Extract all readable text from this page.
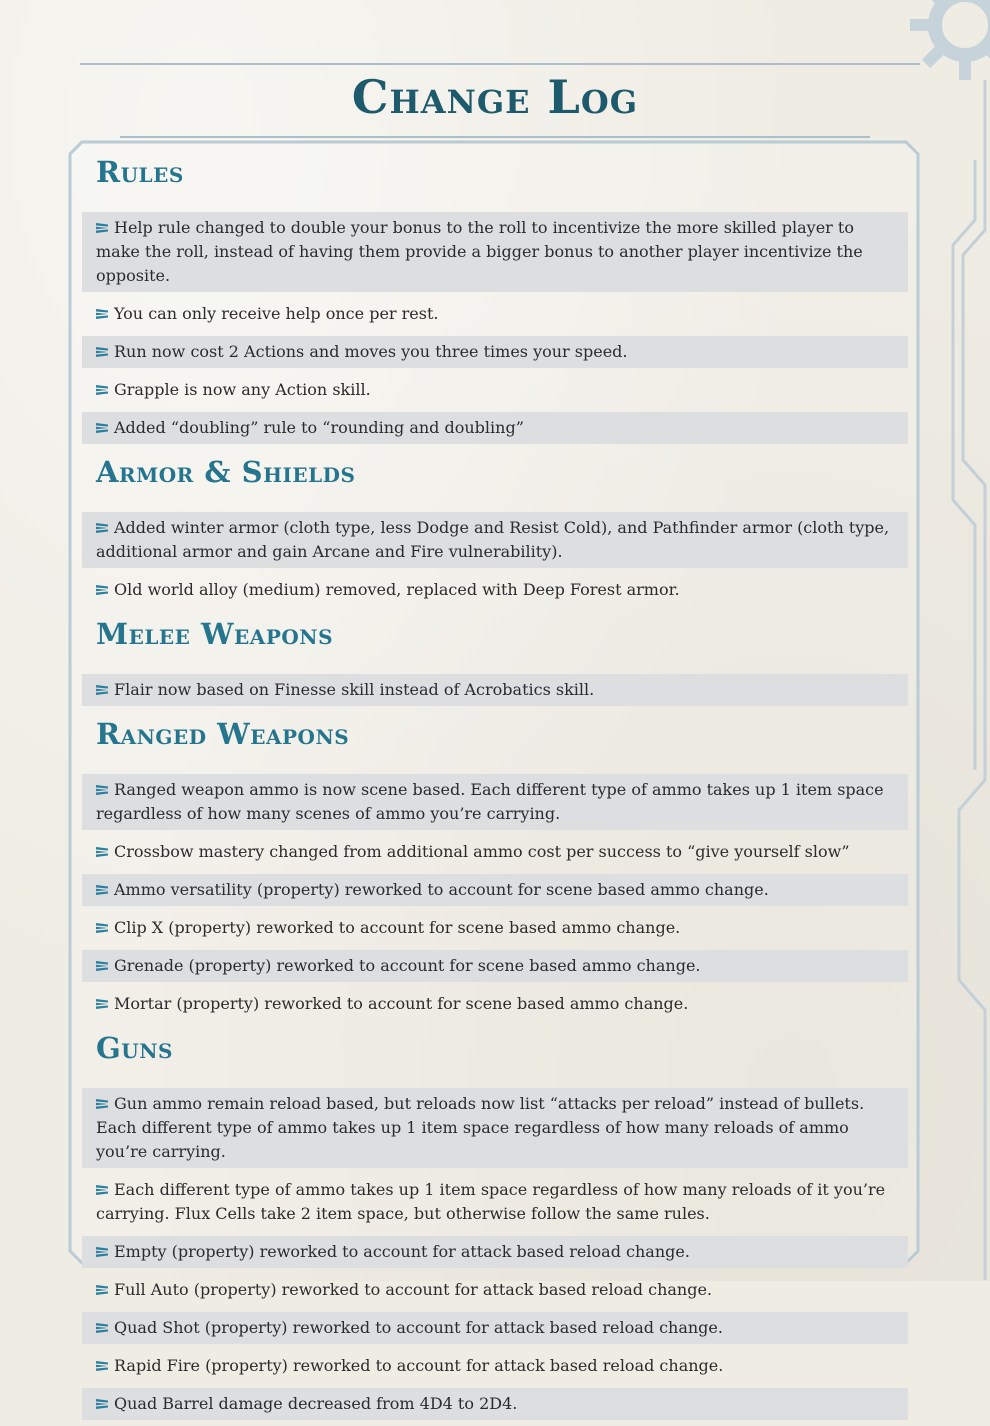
Change Log
Rules
Help rule changed to double your bonus to the roll to incentivize the more skilled player to make the roll, instead of having them provide a bigger bonus to another player incentivize the opposite.
You can only receive help once per rest.
Run now cost 2 Actions and moves you three times your speed.
Grapple is now any Action skill.
Added “doubling” rule to “rounding and doubling”
Armor & Shields
Added winter armor (cloth type, less Dodge and Resist Cold), and Pathfinder armor (cloth type, additional armor and gain Arcane and Fire vulnerability).
Old world alloy (medium) removed, replaced with Deep Forest armor.
Melee Weapons
Flair now based on Finesse skill instead of Acrobatics skill.
Ranged Weapons
Ranged weapon ammo is now scene based. Each different type of ammo takes up 1 item space regardless of how many scenes of ammo you’re carrying.
Crossbow mastery changed from additional ammo cost per success to “give yourself slow”
Ammo versatility (property) reworked to account for scene based ammo change.
Clip X (property) reworked to account for scene based ammo change.
Grenade (property) reworked to account for scene based ammo change.
Mortar (property) reworked to account for scene based ammo change.
Guns
Gun ammo remain reload based, but reloads now list “attacks per reload” instead of bullets. Each different type of ammo takes up 1 item space regardless of how many reloads of ammo you’re carrying.
Each different type of ammo takes up 1 item space regardless of how many reloads of it you’re carrying. Flux Cells take 2 item space, but otherwise follow the same rules.
Empty (property) reworked to account for attack based reload change.
Full Auto (property) reworked to account for attack based reload change.
Quad Shot (property) reworked to account for attack based reload change.
Rapid Fire (property) reworked to account for attack based reload change.
Quad Barrel damage decreased from 4D4 to 2D4.
